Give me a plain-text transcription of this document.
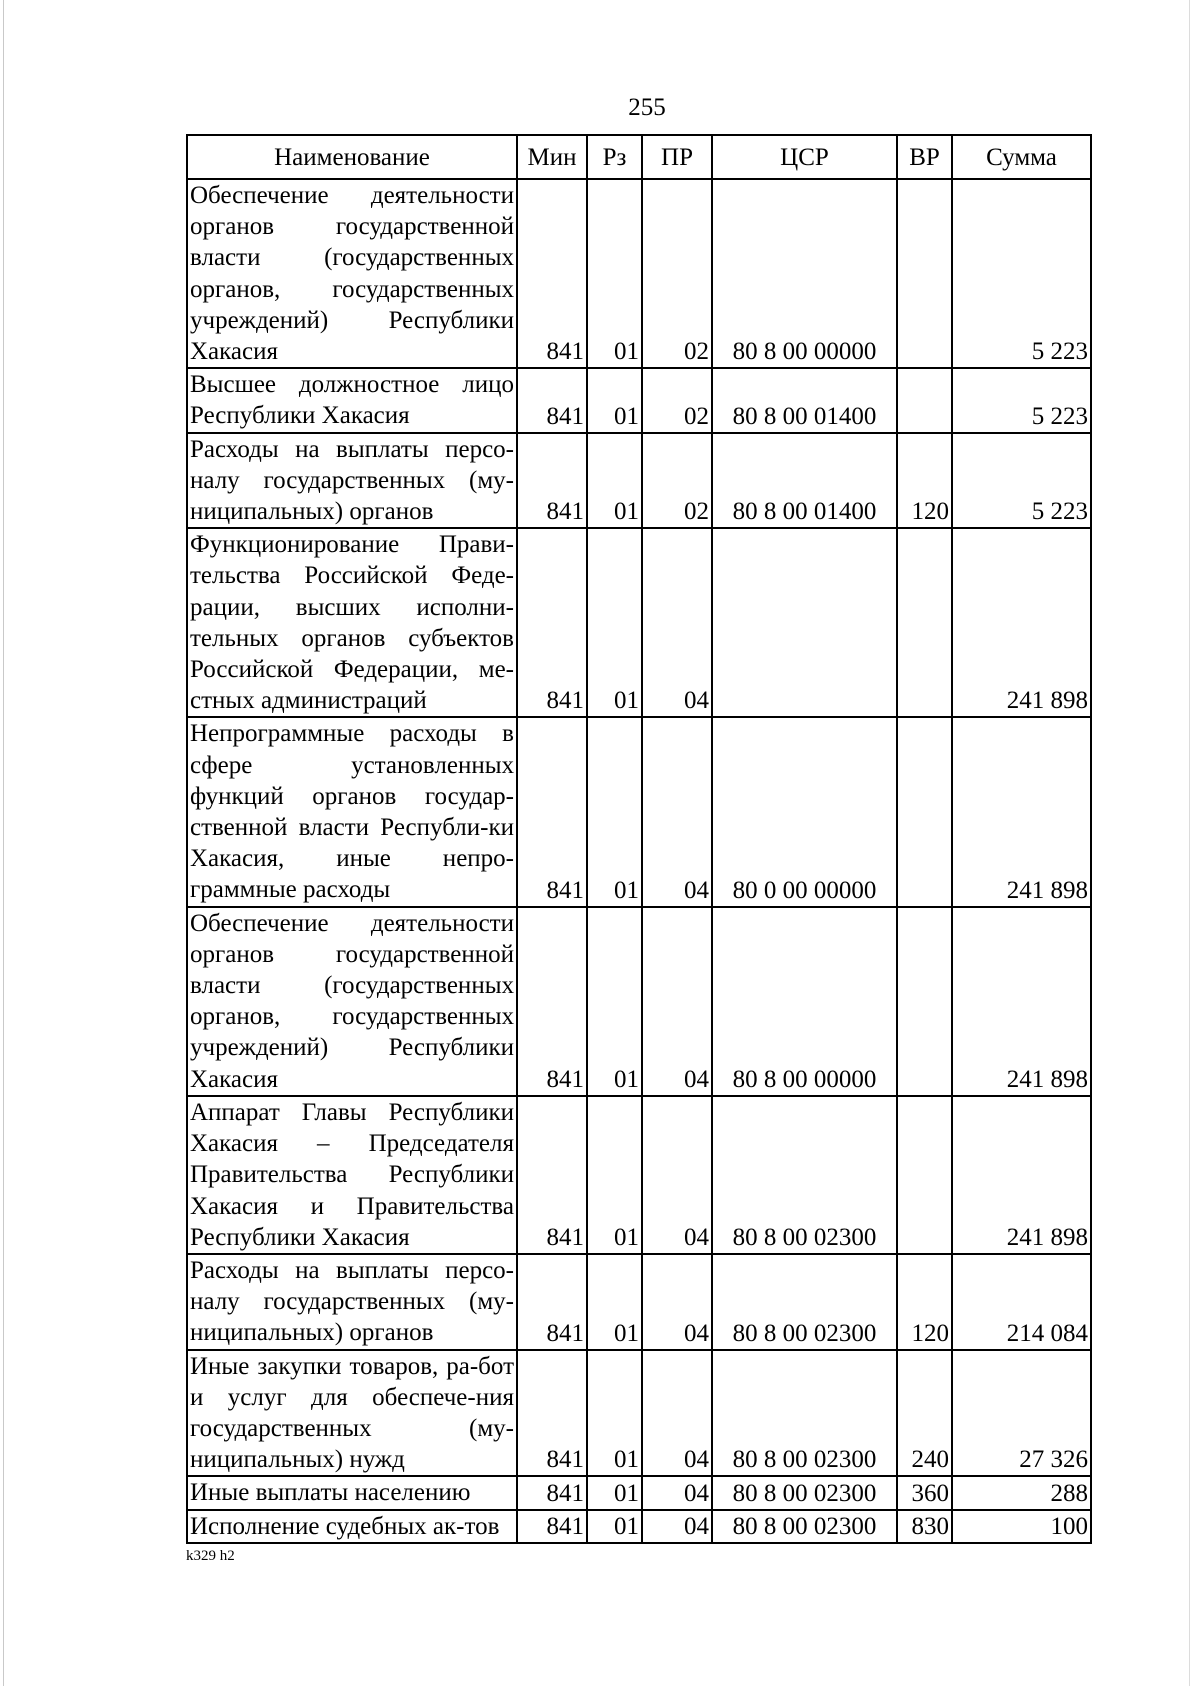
255
Наименование	Мин	Рз	ПР	ЦСР	ВР	Сумма
Обеспечение деятельности органов государственной власти (государственных органов, государственных учреждений) Республики Хакасия	841	01	02	80 8 00 00000		5 223
Высшее должностное лицо Республики Хакасия	841	01	02	80 8 00 01400		5 223
Расходы на выплаты персо-налу государственных (му-ниципальных) органов	841	01	02	80 8 00 01400	120	5 223
Функционирование Прави-тельства Российской Феде-рации, высших исполни-тельных органов субъектов Российской Федерации, ме-стных администраций	841	01	04			241 898
Непрограммные расходы в сфере установленных функций органов государ-ственной власти Республи-ки Хакасия, иные непро-граммные расходы	841	01	04	80 0 00 00000		241 898
Обеспечение деятельности органов государственной власти (государственных органов, государственных учреждений) Республики Хакасия	841	01	04	80 8 00 00000		241 898
Аппарат Главы Республики Хакасия – Председателя Правительства Республики Хакасия и Правительства Республики Хакасия	841	01	04	80 8 00 02300		241 898
Расходы на выплаты персо-налу государственных (му-ниципальных) органов	841	01	04	80 8 00 02300	120	214 084
Иные закупки товаров, ра-бот и услуг для обеспече-ния государственных (му-ниципальных) нужд	841	01	04	80 8 00 02300	240	27 326
Иные выплаты населению	841	01	04	80 8 00 02300	360	288
Исполнение судебных ак-тов	841	01	04	80 8 00 02300	830	100
k329 h2
